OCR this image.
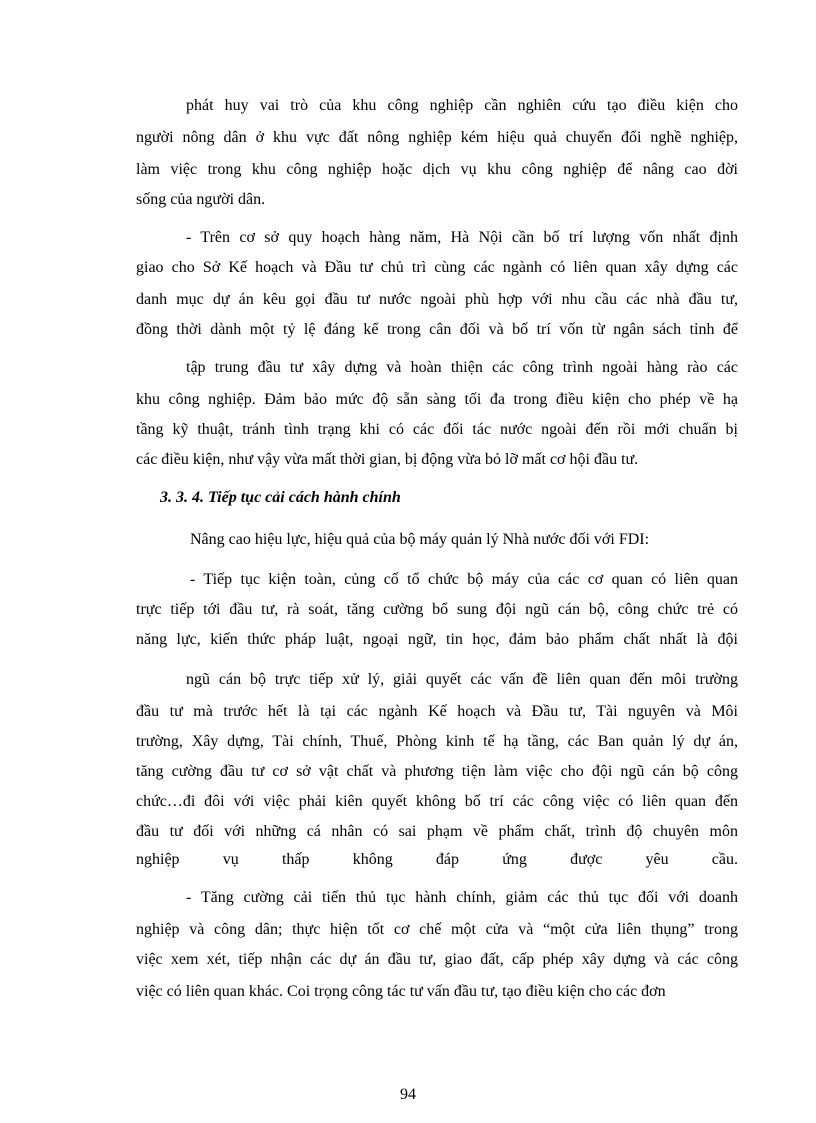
phát huy vai trò của khu công nghiệp cần nghiên cứu tạo điều kiện cho
người nông dân ở khu vực đất nông nghiệp kém hiệu quả chuyển đổi nghề nghiệp,
làm việc trong khu công nghiệp hoặc dịch vụ khu công nghiệp để nâng cao đời
sống của người dân.
- Trên cơ sở quy hoạch hàng năm, Hà Nội cần bố trí lượng vốn nhất định
giao cho Sở Kế hoạch và Đầu tư chủ trì cùng các ngành có liên quan xây dựng các
danh mục dự án kêu gọi đầu tư nước ngoài phù hợp với nhu cầu các nhà đầu tư,
đồng thời dành một tỷ lệ đáng kể trong cân đối và bố trí vốn từ ngân sách tỉnh để
tập trung đầu tư xây dựng và hoàn thiện các công trình ngoài hàng rào các
khu công nghiệp. Đảm bảo mức độ sẵn sàng tối đa trong điều kiện cho phép về hạ
tầng kỹ thuật, tránh tình trạng khi có các đối tác nước ngoài đến rồi mới chuẩn bị
các điều kiện, như vậy vừa mất thời gian, bị động vừa bỏ lỡ mất cơ hội đầu tư.
3. 3. 4. Tiếp tục cải cách hành chính
Nâng cao hiệu lực, hiệu quả của bộ máy quản lý Nhà nước đối với FDI:
- Tiếp tục kiện toàn, củng cố tổ chức bộ máy của các cơ quan có liên quan
trực tiếp tới đầu tư, rà soát, tăng cường bổ sung đội ngũ cán bộ, công chức trẻ có
năng lực, kiến thức pháp luật, ngoại ngữ, tin học, đảm bảo phẩm chất nhất là đội
ngũ cán bộ trực tiếp xử lý, giải quyết các vấn đề liên quan đến môi trường
đầu tư mà trước hết là tại các ngành Kế hoạch và Đầu tư, Tài nguyên và Môi
trường, Xây dựng, Tài chính, Thuế, Phòng kinh tế hạ tầng, các Ban quản lý dự án,
tăng cường đầu tư cơ sở vật chất và phương tiện làm việc cho đội ngũ cán bộ công
chức…đi đôi với việc phải kiên quyết không bố trí các công việc có liên quan đến
đầu tư đối với những cá nhân có sai phạm về phẩm chất, trình độ chuyên môn
nghiệp vụ thấp không đáp ứng được yêu cầu.
- Tăng cường cải tiến thủ tục hành chính, giảm các thủ tục đối với doanh
nghiệp và công dân; thực hiện tốt cơ chế một cửa và “một cửa liên thụng” trong
việc xem xét, tiếp nhận các dự án đầu tư, giao đất, cấp phép xây dựng và các công
việc có liên quan khác. Coi trọng công tác tư vấn đầu tư, tạo điều kiện cho các đơn
94
